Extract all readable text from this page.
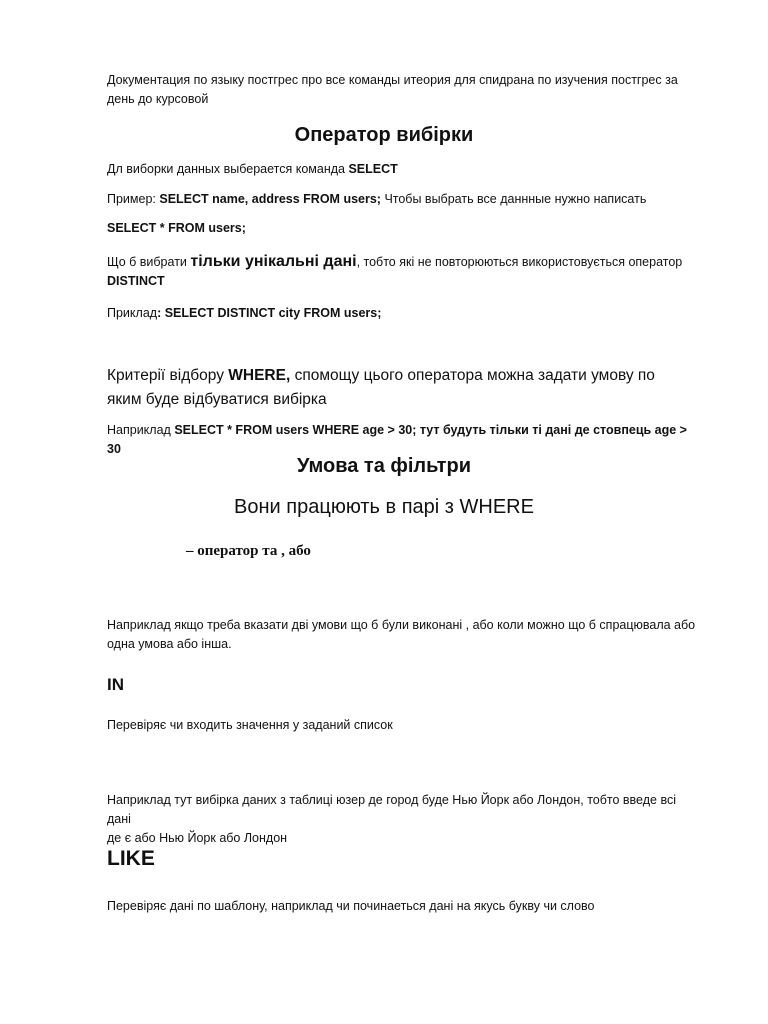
Документация по языку постгрес про все команды итеория для спидрана по изучения постгрес за
день до курсовой
Оператор вибірки
Дл виборки данных выберается команда SELECT
Пример: SELECT name, address FROM users; Чтобы выбрать все даннные нужно написать
SELECT * FROM users;
Що б вибрати тільки унікальні дані, тобто які не повторюються використовується оператор
DISTINCT
Приклад: SELECT DISTINCT city FROM users;
Критерії відбору WHERE, спомощу цього оператора можна задати умову по
яким буде відбуватися вибірка
Наприклад SELECT * FROM users WHERE age > 30; тут будуть тільки ті дані де стовпець age > 30
Умова та фільтри
Вони працюють в парі з WHERE
– оператор та , або
Наприклад якщо треба вказати дві умови що б були виконані , або коли можно що б спрацювала або
одна умова або інша.
IN
Перевіряє чи входить значення у заданий список
Наприклад тут вибірка даних з таблиці юзер де город буде Нью Йорк або Лондон, тобто введе всі дані
де є або Нью Йорк або Лондон
LIKE
Перевіряє дані по шаблону, наприклад чи починаеться дані на якусь букву чи слово
